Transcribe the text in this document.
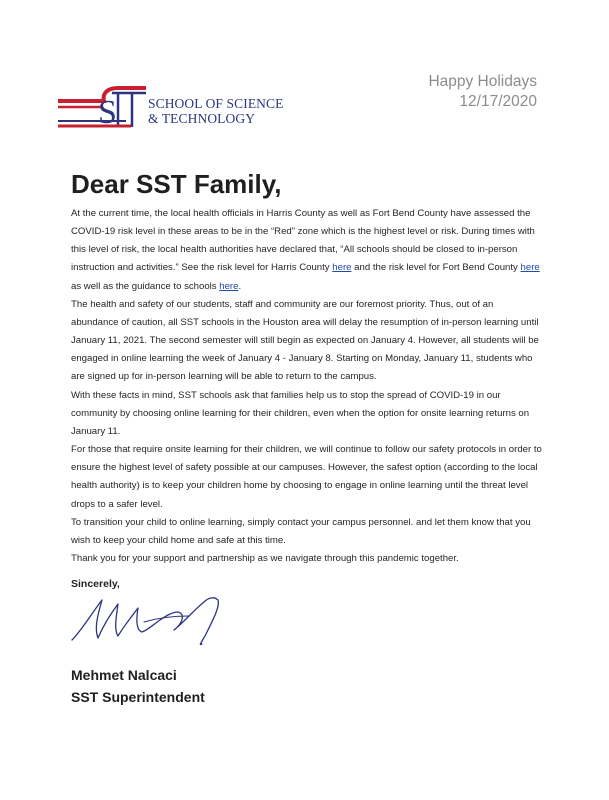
S SCHOOL OF SCIENCE
& TECHNOLOGY
Happy Holidays
12/17/2020
Dear SST Family,

At the current time, the local health officials in Harris County as well as Fort Bend County have assessed the COVID-19 risk level in these areas to be in the “Red” zone which is the highest level or risk. During times with this level of risk, the local health authorities have declared that, “All schools should be closed to in-person instruction and activities.” See the risk level for Harris County here and the risk level for Fort Bend County here as well as the guidance to schools here.

The health and safety of our students, staff and community are our foremost priority. Thus, out of an abundance of caution, all SST schools in the Houston area will delay the resumption of in-person learning until January 11, 2021. The second semester will still begin as expected on January 4. However, all students will be engaged in online learning the week of January 4 - January 8. Starting on Monday, January 11, students who are signed up for in-person learning will be able to return to the campus.

With these facts in mind, SST schools ask that families help us to stop the spread of COVID-19 in our community by choosing online learning for their children, even when the option for onsite learning returns on January 11.

For those that require onsite learning for their children, we will continue to follow our safety protocols in order to ensure the highest level of safety possible at our campuses. However, the safest option (according to the local health authority) is to keep your children home by choosing to engage in online learning until the threat level drops to a safer level.

To transition your child to online learning, simply contact your campus personnel. and let them know that you wish to keep your child home and safe at this time.

Thank you for your support and partnership as we navigate through this pandemic together.

Sincerely,
Mehmet Nalcaci
SST Superintendent
